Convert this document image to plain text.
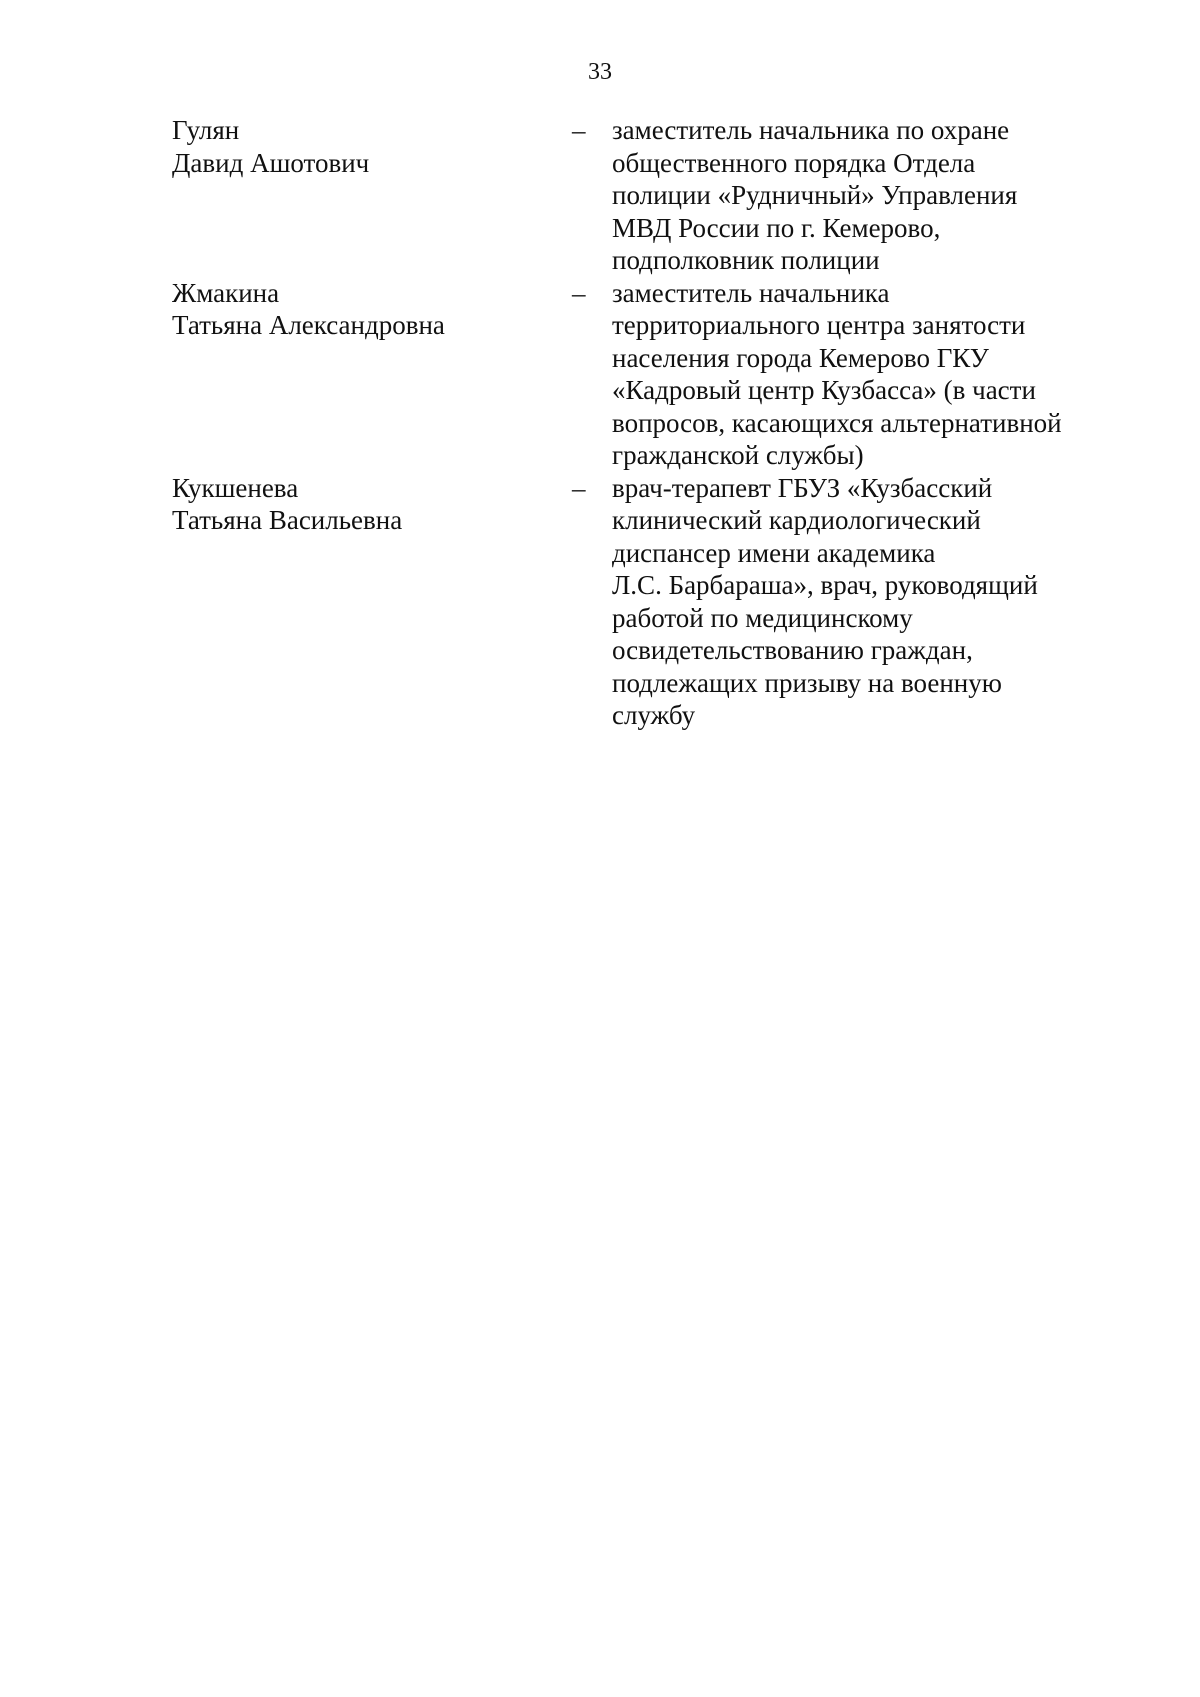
33
Гулян
Давид Ашотович
– заместитель начальника по охране
общественного порядка Отдела
полиции «Рудничный» Управления
МВД России по г. Кемерово,
подполковник полиции
Жмакина
Татьяна Александровна
– заместитель начальника
территориального центра занятости
населения города Кемерово ГКУ
«Кадровый центр Кузбасса» (в части
вопросов, касающихся альтернативной
гражданской службы)
Кукшенева
Татьяна Васильевна
– врач-терапевт ГБУЗ «Кузбасский
клинический кардиологический
диспансер имени академика
Л.С. Барбараша», врач, руководящий
работой по медицинскому
освидетельствованию граждан,
подлежащих призыву на военную
службу
